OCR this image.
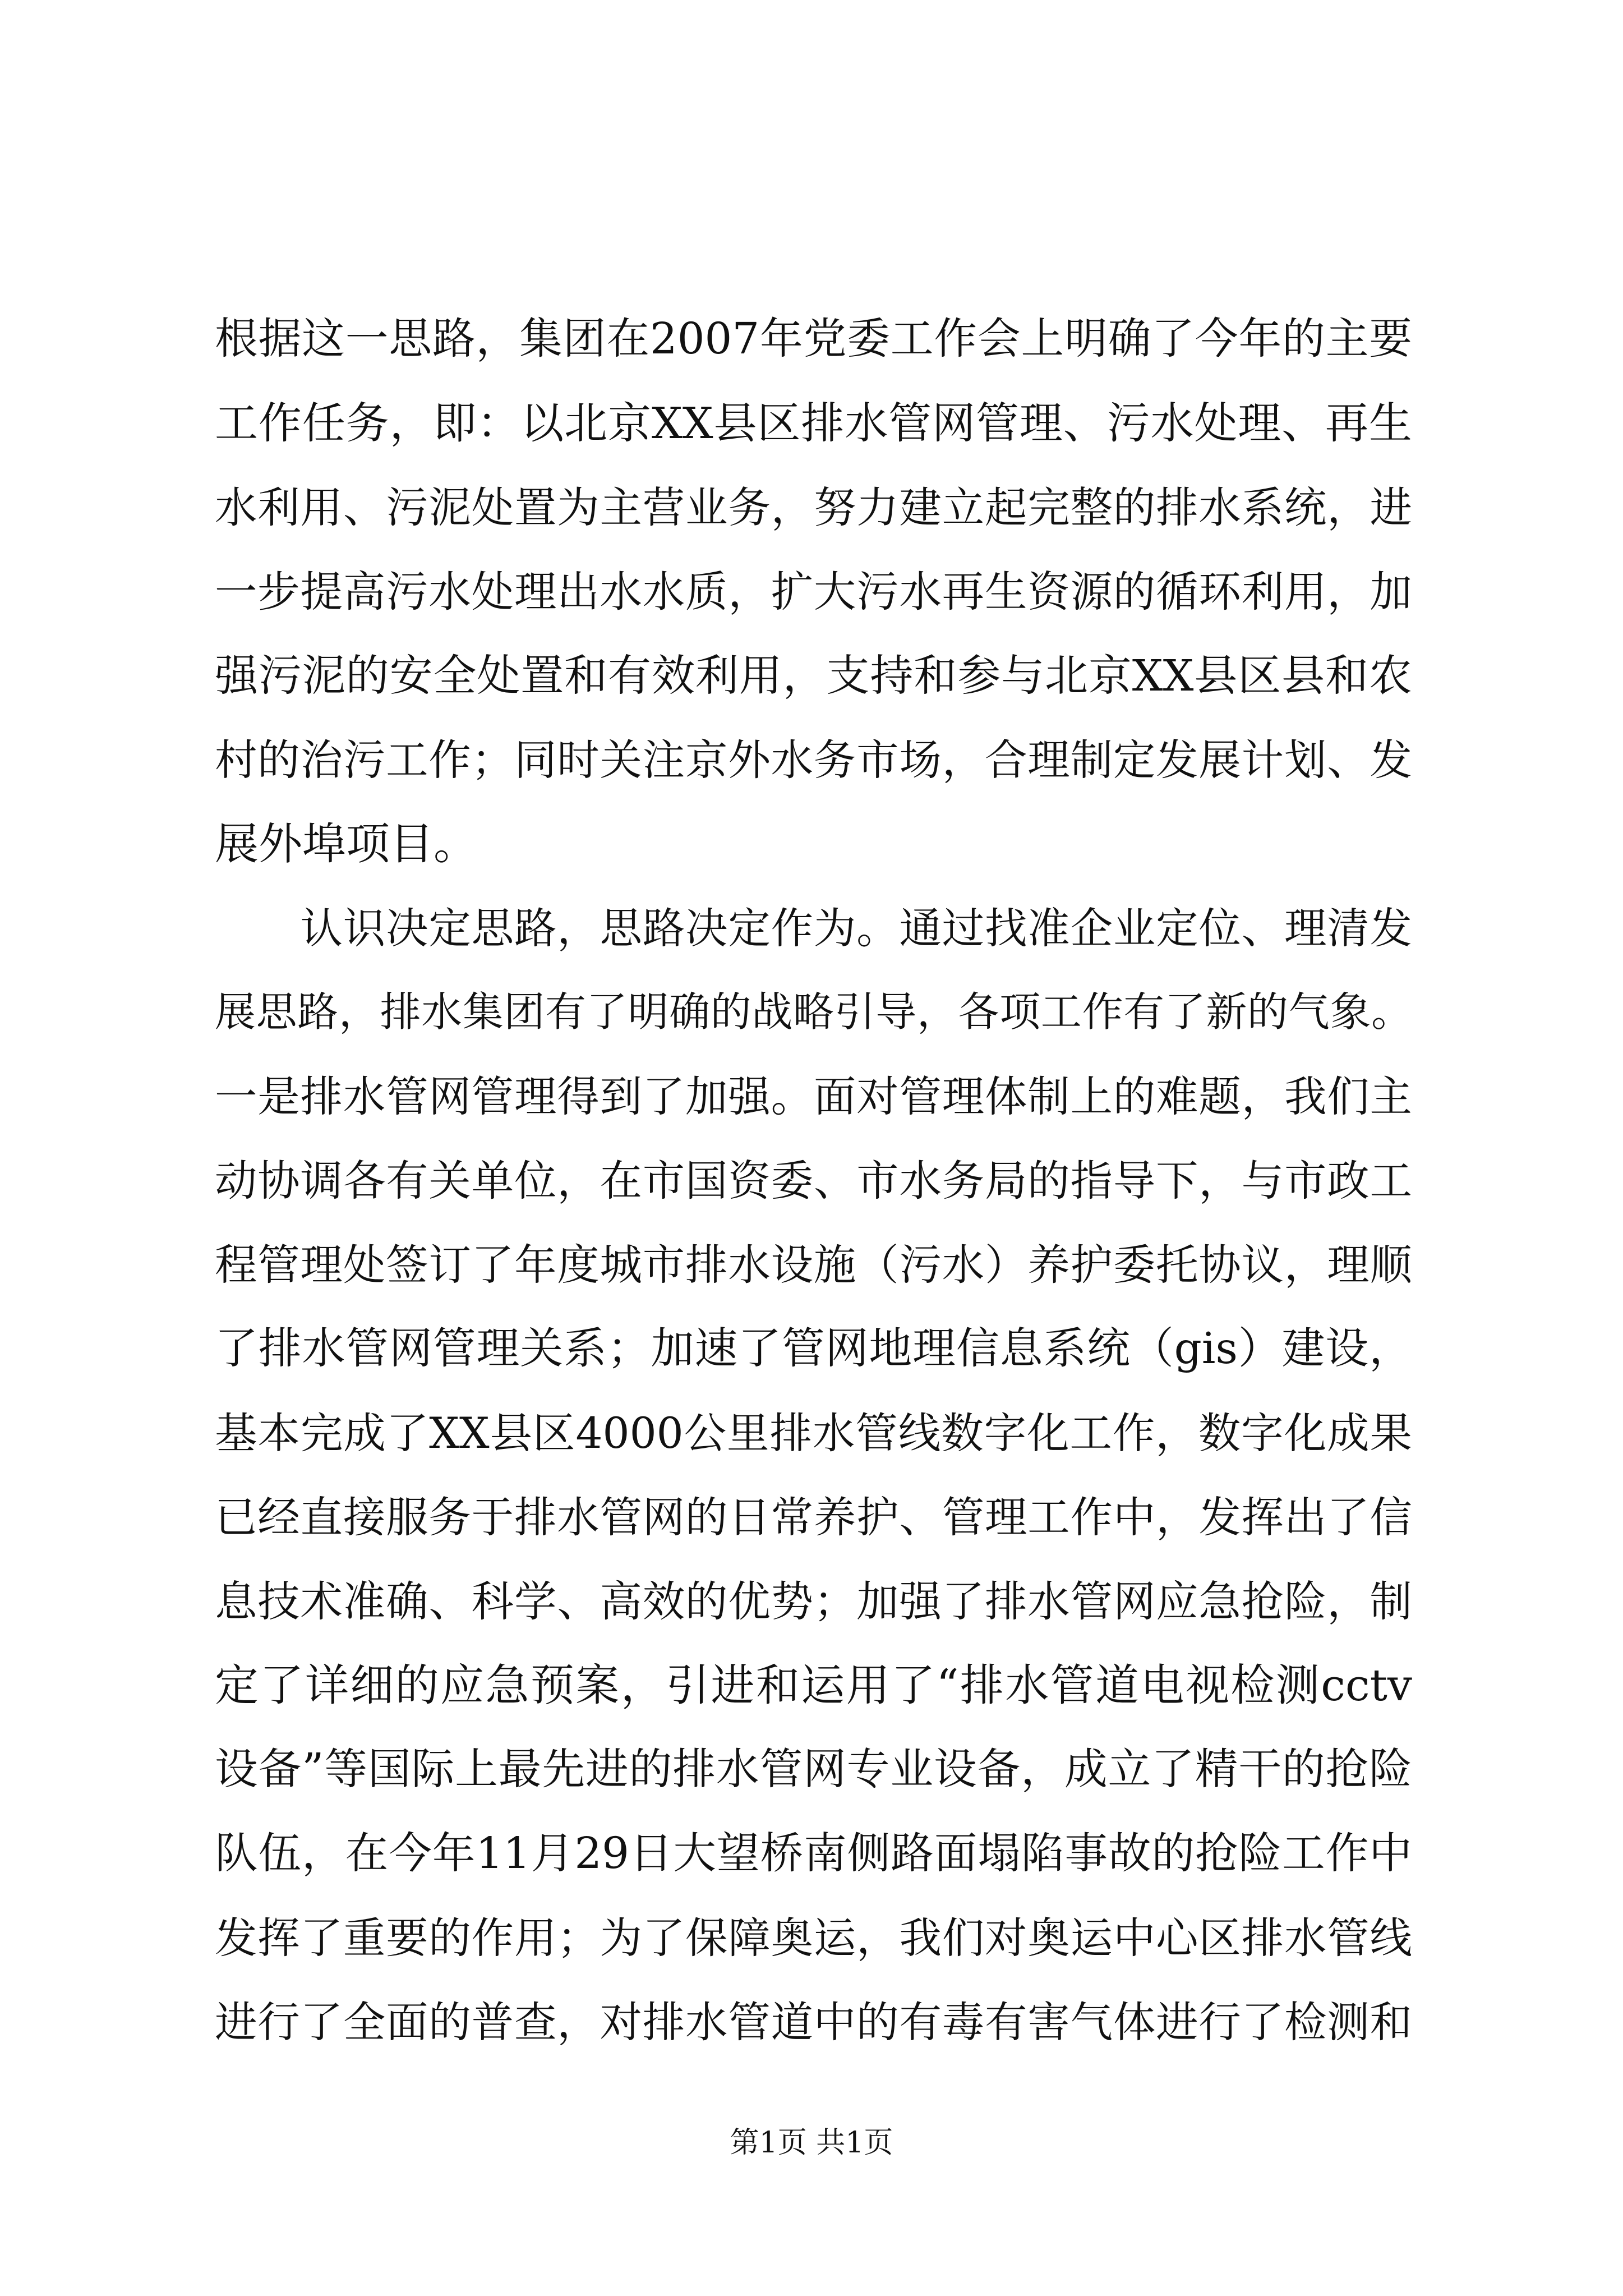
根据这一思路，集团在2007年党委工作会上明确了今年的主要
工作任务，即：以北京XX县区排水管网管理、污水处理、再生
水利用、污泥处置为主营业务，努力建立起完整的排水系统，进
一步提高污水处理出水水质，扩大污水再生资源的循环利用，加
强污泥的安全处置和有效利用，支持和参与北京XX县区县和农
村的治污工作；同时关注京外水务市场，合理制定发展计划、发
展外埠项目。
　　认识决定思路，思路决定作为。通过找准企业定位、理清发
展思路，排水集团有了明确的战略引导，各项工作有了新的气象。
一是排水管网管理得到了加强。面对管理体制上的难题，我们主
动协调各有关单位，在市国资委、市水务局的指导下，与市政工
程管理处签订了年度城市排水设施（污水）养护委托协议，理顺
了排水管网管理关系；加速了管网地理信息系统（gis）建设，
基本完成了XX县区4000公里排水管线数字化工作，数字化成果
已经直接服务于排水管网的日常养护、管理工作中，发挥出了信
息技术准确、科学、高效的优势；加强了排水管网应急抢险，制
定了详细的应急预案，引进和运用了“排水管道电视检测cctv
设备”等国际上最先进的排水管网专业设备，成立了精干的抢险
队伍，在今年11月29日大望桥南侧路面塌陷事故的抢险工作中
发挥了重要的作用；为了保障奥运，我们对奥运中心区排水管线
进行了全面的普查，对排水管道中的有毒有害气体进行了检测和
第1页 共1页
